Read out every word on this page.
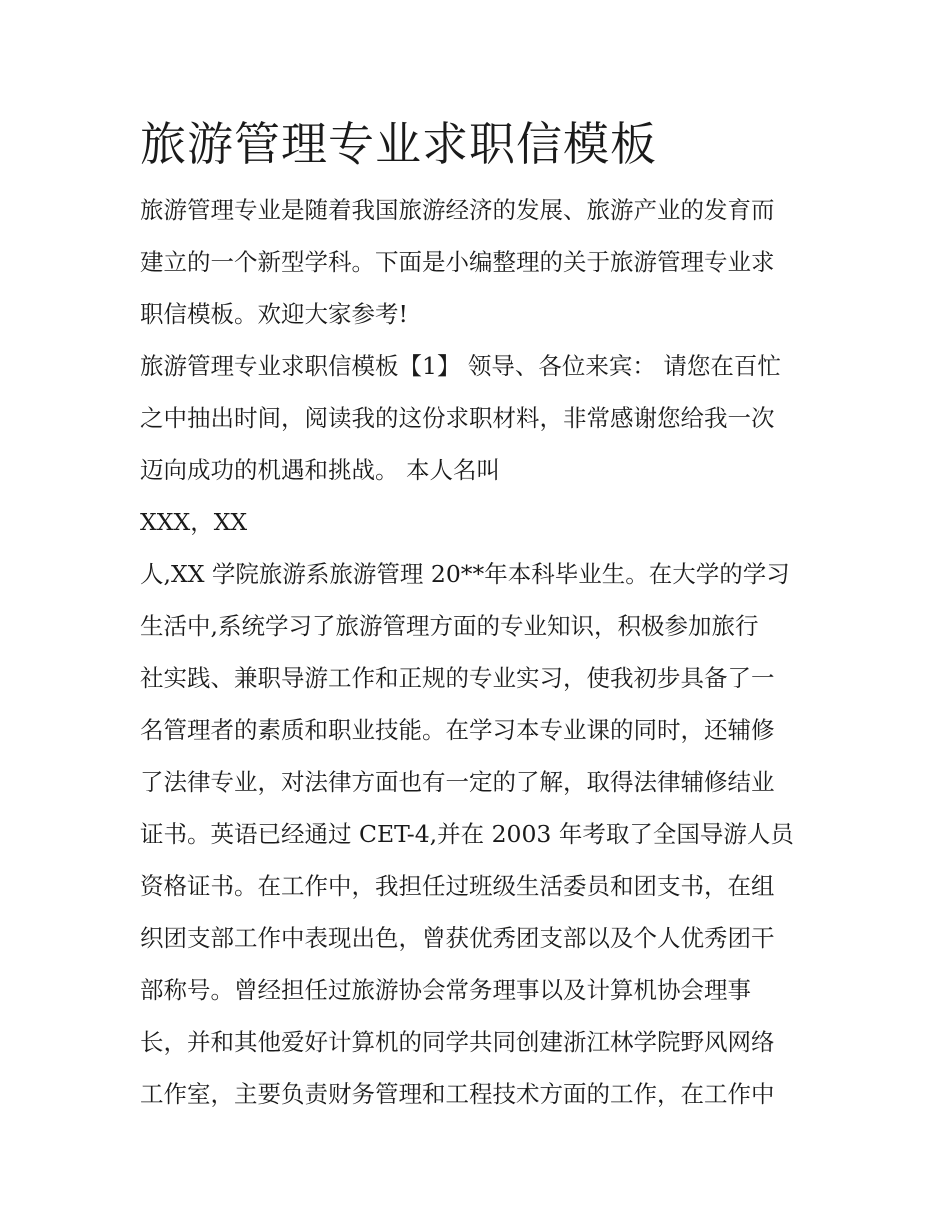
旅游管理专业求职信模板

旅游管理专业是随着我国旅游经济的发展、旅游产业的发育而

建立的一个新型学科。下面是小编整理的关于旅游管理专业求

职信模板。欢迎大家参考!

旅游管理专业求职信模板【1】 领导、各位来宾： 请您在百忙

之中抽出时间，阅读我的这份求职材料，非常感谢您给我一次

迈向成功的机遇和挑战。 本人名叫

XXX，XX

人,XX 学院旅游系旅游管理 20**年本科毕业生。在大学的学习

生活中,系统学习了旅游管理方面的专业知识，积极参加旅行

社实践、兼职导游工作和正规的专业实习，使我初步具备了一

名管理者的素质和职业技能。在学习本专业课的同时，还辅修

了法律专业，对法律方面也有一定的了解，取得法律辅修结业

证书。英语已经通过 CET-4,并在 2003 年考取了全国导游人员

资格证书。在工作中，我担任过班级生活委员和团支书，在组

织团支部工作中表现出色，曾获优秀团支部以及个人优秀团干

部称号。曾经担任过旅游协会常务理事以及计算机协会理事

长，并和其他爱好计算机的同学共同创建浙江林学院野风网络

工作室，主要负责财务管理和工程技术方面的工作，在工作中
